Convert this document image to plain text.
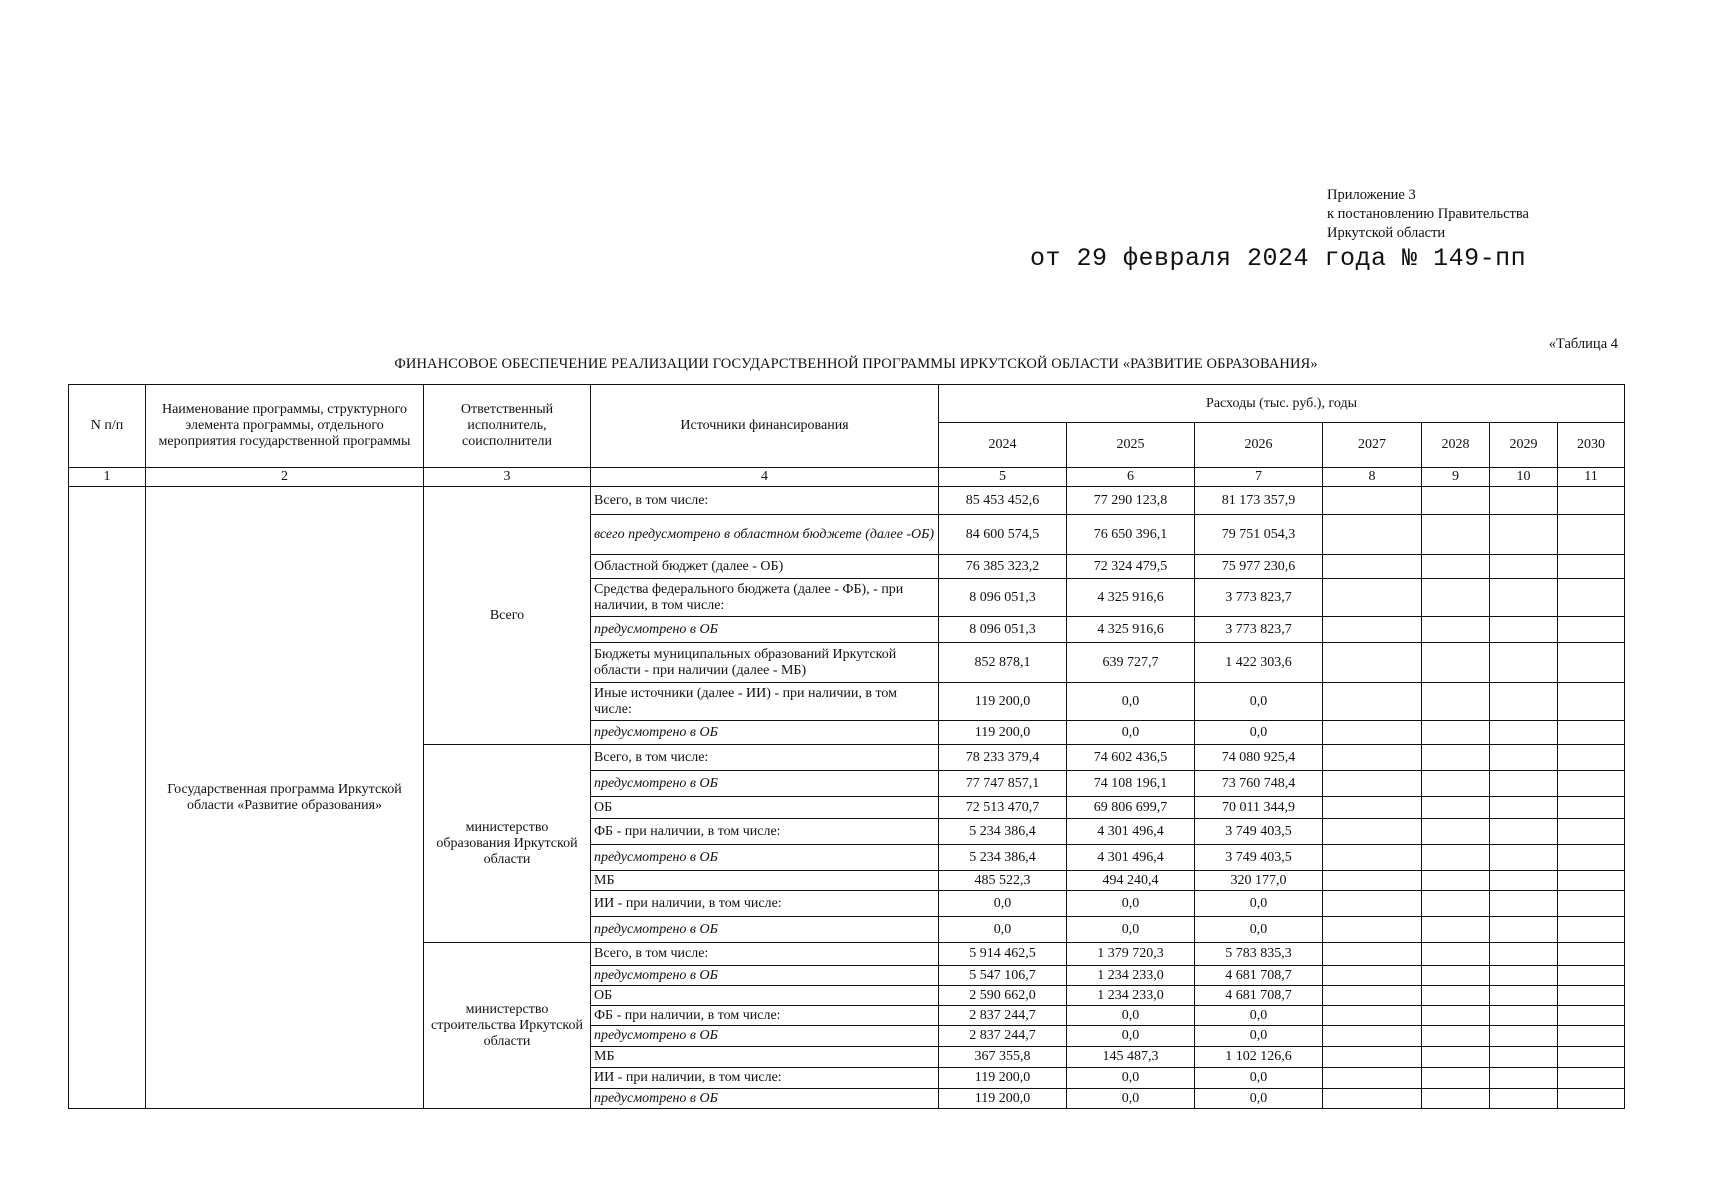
Приложение 3
к постановлению Правительства
Иркутской области
от 29 февраля 2024 года № 149-пп
«Таблица 4
ФИНАНСОВОЕ ОБЕСПЕЧЕНИЕ РЕАЛИЗАЦИИ ГОСУДАРСТВЕННОЙ ПРОГРАММЫ ИРКУТСКОЙ ОБЛАСТИ «РАЗВИТИЕ ОБРАЗОВАНИЯ»
N п/п	Наименование программы, структурного элемента программы, отдельного мероприятия государственной программы	Ответственный исполнитель, соисполнители	Источники финансирования	Расходы (тыс. руб.), годы						
				2024	2025	2026	2027	2028	2029	2030
1	2	3	4	5	6	7	8	9	10	11
	Государственная программа Иркутской области «Развитие образования»	Всего	Всего, в том числе:	85 453 452,6	77 290 123,8	81 173 357,9				
			всего предусмотрено в областном бюджете (далее -ОБ)	84 600 574,5	76 650 396,1	79 751 054,3				
			Областной бюджет (далее - ОБ)	76 385 323,2	72 324 479,5	75 977 230,6				
			Средства федерального бюджета (далее - ФБ), - при наличии, в том числе:	8 096 051,3	4 325 916,6	3 773 823,7				
			предусмотрено в ОБ	8 096 051,3	4 325 916,6	3 773 823,7				
			Бюджеты муниципальных образований Иркутской области - при наличии (далее - МБ)	852 878,1	639 727,7	1 422 303,6				
			Иные источники (далее - ИИ) - при наличии, в том числе:	119 200,0	0,0	0,0				
			предусмотрено в ОБ	119 200,0	0,0	0,0				
		министерство образования Иркутской области	Всего, в том числе:	78 233 379,4	74 602 436,5	74 080 925,4				
			предусмотрено в ОБ	77 747 857,1	74 108 196,1	73 760 748,4				
			ОБ	72 513 470,7	69 806 699,7	70 011 344,9				
			ФБ - при наличии, в том числе:	5 234 386,4	4 301 496,4	3 749 403,5				
			предусмотрено в ОБ	5 234 386,4	4 301 496,4	3 749 403,5				
			МБ	485 522,3	494 240,4	320 177,0				
			ИИ - при наличии, в том числе:	0,0	0,0	0,0				
			предусмотрено в ОБ	0,0	0,0	0,0				
		министерство строительства Иркутской области	Всего, в том числе:	5 914 462,5	1 379 720,3	5 783 835,3				
			предусмотрено в ОБ	5 547 106,7	1 234 233,0	4 681 708,7				
			ОБ	2 590 662,0	1 234 233,0	4 681 708,7				
			ФБ - при наличии, в том числе:	2 837 244,7	0,0	0,0				
			предусмотрено в ОБ	2 837 244,7	0,0	0,0				
			МБ	367 355,8	145 487,3	1 102 126,6				
			ИИ - при наличии, в том числе:	119 200,0	0,0	0,0				
			предусмотрено в ОБ	119 200,0	0,0	0,0				
